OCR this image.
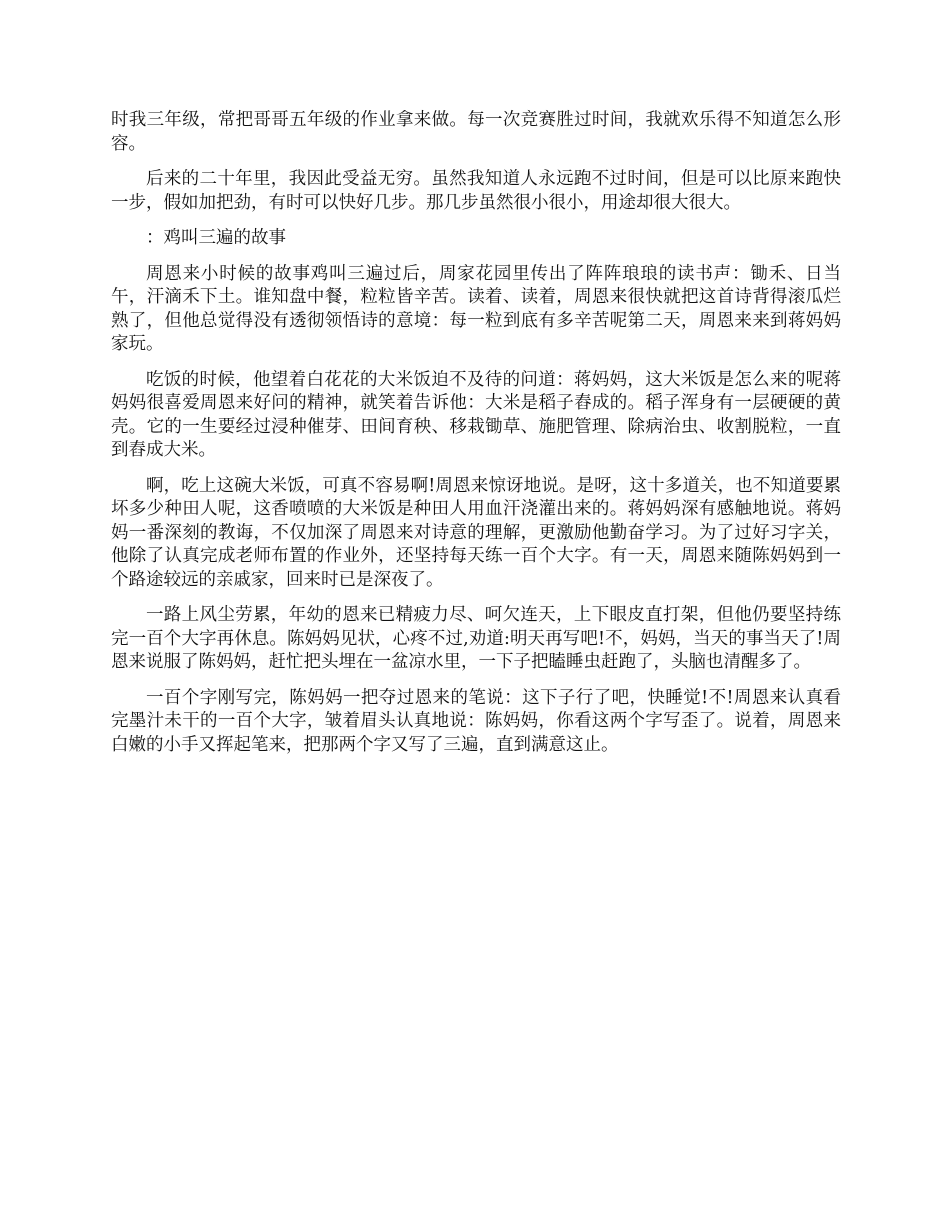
时我三年级，常把哥哥五年级的作业拿来做。每一次竞赛胜过时间，我就欢乐得不知道怎么形容。

后来的二十年里，我因此受益无穷。虽然我知道人永远跑不过时间，但是可以比原来跑快一步，假如加把劲，有时可以快好几步。那几步虽然很小很小，用途却很大很大。

：鸡叫三遍的故事

周恩来小时候的故事鸡叫三遍过后，周家花园里传出了阵阵琅琅的读书声：锄禾、日当午，汗滴禾下土。谁知盘中餐，粒粒皆辛苦。读着、读着，周恩来很快就把这首诗背得滚瓜烂熟了，但他总觉得没有透彻领悟诗的意境：每一粒到底有多辛苦呢第二天，周恩来来到蒋妈妈家玩。

吃饭的时候，他望着白花花的大米饭迫不及待的问道：蒋妈妈，这大米饭是怎么来的呢蒋妈妈很喜爱周恩来好问的精神，就笑着告诉他：大米是稻子舂成的。稻子浑身有一层硬硬的黄壳。它的一生要经过浸种催芽、田间育秧、移栽锄草、施肥管理、除病治虫、收割脱粒，一直到舂成大米。

啊，吃上这碗大米饭，可真不容易啊!周恩来惊讶地说。是呀，这十多道关，也不知道要累坏多少种田人呢，这香喷喷的大米饭是种田人用血汗浇灌出来的。蒋妈妈深有感触地说。蒋妈妈一番深刻的教诲，不仅加深了周恩来对诗意的理解，更激励他勤奋学习。为了过好习字关，他除了认真完成老师布置的作业外，还坚持每天练一百个大字。有一天，周恩来随陈妈妈到一个路途较远的亲戚家，回来时已是深夜了。

一路上风尘劳累，年幼的恩来已精疲力尽、呵欠连天，上下眼皮直打架，但他仍要坚持练完一百个大字再休息。陈妈妈见状，心疼不过,劝道:明天再写吧!不，妈妈，当天的事当天了!周恩来说服了陈妈妈，赶忙把头埋在一盆凉水里，一下子把瞌睡虫赶跑了，头脑也清醒多了。

一百个字刚写完，陈妈妈一把夺过恩来的笔说：这下子行了吧，快睡觉!不!周恩来认真看完墨汁未干的一百个大字，皱着眉头认真地说：陈妈妈，你看这两个字写歪了。说着，周恩来白嫩的小手又挥起笔来，把那两个字又写了三遍，直到满意这止。
